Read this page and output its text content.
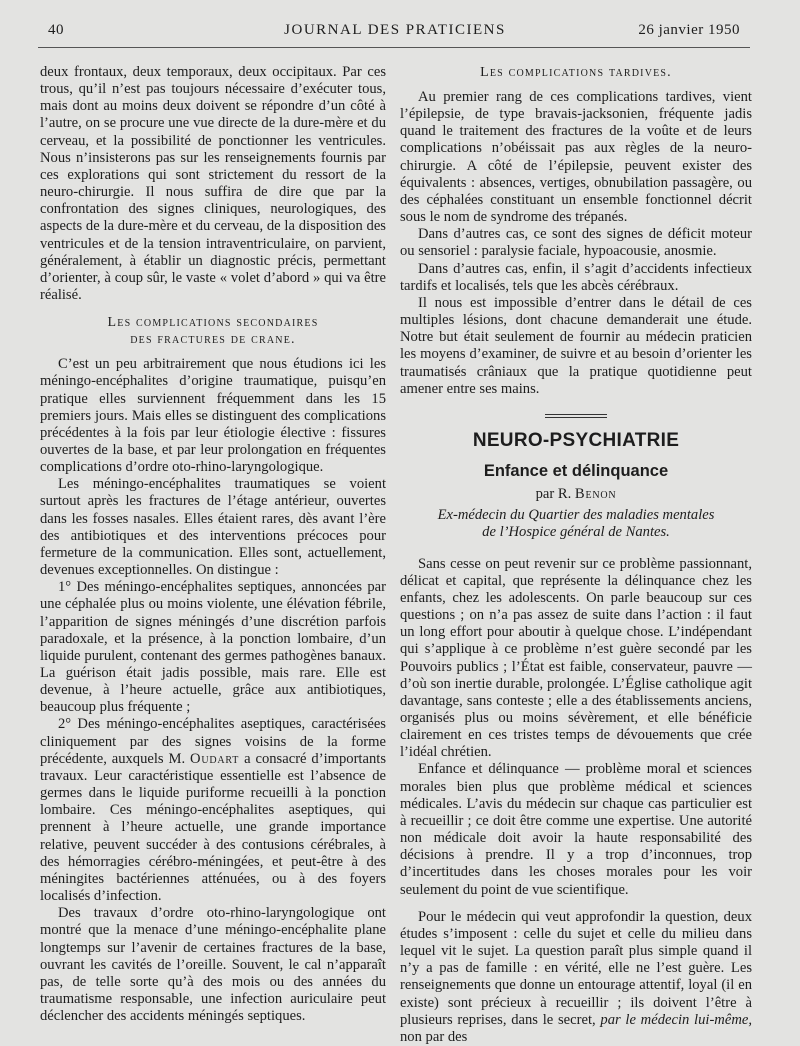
40	JOURNAL DES PRATICIENS	26 janvier 1950

deux frontaux, deux temporaux, deux occipitaux. Par ces trous, qu’il n’est pas toujours nécessaire d’exécuter tous, mais dont au moins deux doivent se répondre d’un côté à l’autre, on se procure une vue directe de la dure-mère et du cerveau, et la possibilité de ponctionner les ventricules. Nous n’insisterons pas sur les renseignements fournis par ces explorations qui sont strictement du ressort de la neuro-chirurgie. Il nous suffira de dire que par la confrontation des signes cliniques, neurologiques, des aspects de la dure-mère et du cerveau, de la disposition des ventricules et de la tension intraventriculaire, on parvient, généralement, à établir un diagnostic précis, permettant d’orienter, à coup sûr, le vaste « volet d’abord » qui va être réalisé.

Les complications secondaires
des fractures de crane.

C’est un peu arbitrairement que nous étudions ici les méningo-encéphalites d’origine traumatique, puisqu’en pratique elles surviennent fréquemment dans les 15 premiers jours. Mais elles se distinguent des complications précédentes à la fois par leur étiologie élective : fissures ouvertes de la base, et par leur prolongation en fréquentes complications d’ordre oto-rhino-laryngologique.

Les méningo-encéphalites traumatiques se voient surtout après les fractures de l’étage antérieur, ouvertes dans les fosses nasales. Elles étaient rares, dès avant l’ère des antibiotiques et des interventions précoces pour fermeture de la communication. Elles sont, actuellement, devenues exceptionnelles. On distingue :

1° Des méningo-encéphalites septiques, annoncées par une céphalée plus ou moins violente, une élévation fébrile, l’apparition de signes méningés d’une discrétion parfois paradoxale, et la présence, à la ponction lombaire, d’un liquide purulent, contenant des germes pathogènes banaux. La guérison était jadis possible, mais rare. Elle est devenue, à l’heure actuelle, grâce aux antibiotiques, beaucoup plus fréquente ;

2° Des méningo-encéphalites aseptiques, caractérisées cliniquement par des signes voisins de la forme précédente, auxquels M. Oudart a consacré d’importants travaux. Leur caractéristique essentielle est l’absence de germes dans le liquide puriforme recueilli à la ponction lombaire. Ces méningo-encéphalites aseptiques, qui prennent à l’heure actuelle, une grande importance relative, peuvent succéder à des contusions cérébrales, à des hémorragies cérébro-méningées, et peut-être à des méningites bactériennes atténuées, ou à des foyers localisés d’infection.

Des travaux d’ordre oto-rhino-laryngologique ont montré que la menace d’une méningo-encéphalite plane longtemps sur l’avenir de certaines fractures de la base, ouvrant les cavités de l’oreille. Souvent, le cal n’apparaît pas, de telle sorte qu’à des mois ou des années du traumatisme responsable, une infection auriculaire peut déclencher des accidents méningés septiques.

Les complications tardives.

Au premier rang de ces complications tardives, vient l’épilepsie, de type bravais-jacksonien, fréquente jadis quand le traitement des fractures de la voûte et de leurs complications n’obéissait pas aux règles de la neuro-chirurgie. A côté de l’épilepsie, peuvent exister des équivalents : absences, vertiges, obnubilation passagère, ou des céphalées constituant un ensemble fonctionnel décrit sous le nom de syndrome des trépanés.

Dans d’autres cas, ce sont des signes de déficit moteur ou sensoriel : paralysie faciale, hypoacousie, anosmie.

Dans d’autres cas, enfin, il s’agit d’accidents infectieux tardifs et localisés, tels que les abcès cérébraux.

Il nous est impossible d’entrer dans le détail de ces multiples lésions, dont chacune demanderait une étude. Notre but était seulement de fournir au médecin praticien les moyens d’examiner, de suivre et au besoin d’orienter les traumatisés crâniaux que la pratique quotidienne peut amener entre ses mains.

NEURO-PSYCHIATRIE
Enfance et délinquance
par R. Benon
Ex-médecin du Quartier des maladies mentales
de l’Hospice général de Nantes.

Sans cesse on peut revenir sur ce problème passionnant, délicat et capital, que représente la délinquance chez les enfants, chez les adolescents. On parle beaucoup sur ces questions ; on n’a pas assez de suite dans l’action : il faut un long effort pour aboutir à quelque chose. L’indépendant qui s’applique à ce problème n’est guère secondé par les Pouvoirs publics ; l’État est faible, conservateur, pauvre — d’où son inertie durable, prolongée. L’Église catholique agit davantage, sans conteste ; elle a des établissements anciens, organisés plus ou moins sévèrement, et elle bénéficie clairement en ces tristes temps de dévouements que crée l’idéal chrétien.

Enfance et délinquance — problème moral et sciences morales bien plus que problème médical et sciences médicales. L’avis du médecin sur chaque cas particulier est à recueillir ; ce doit être comme une expertise. Une autorité non médicale doit avoir la haute responsabilité des décisions à prendre. Il y a trop d’inconnues, trop d’incertitudes dans les choses morales pour les voir seulement du point de vue scientifique.

Pour le médecin qui veut approfondir la question, deux études s’imposent : celle du sujet et celle du milieu dans lequel vit le sujet. La question paraît plus simple quand il n’y a pas de famille : en vérité, elle ne l’est guère. Les renseignements que donne un entourage attentif, loyal (il en existe) sont précieux à recueillir ; ils doivent l’être à plusieurs reprises, dans le secret, par le médecin lui-même, non par des
